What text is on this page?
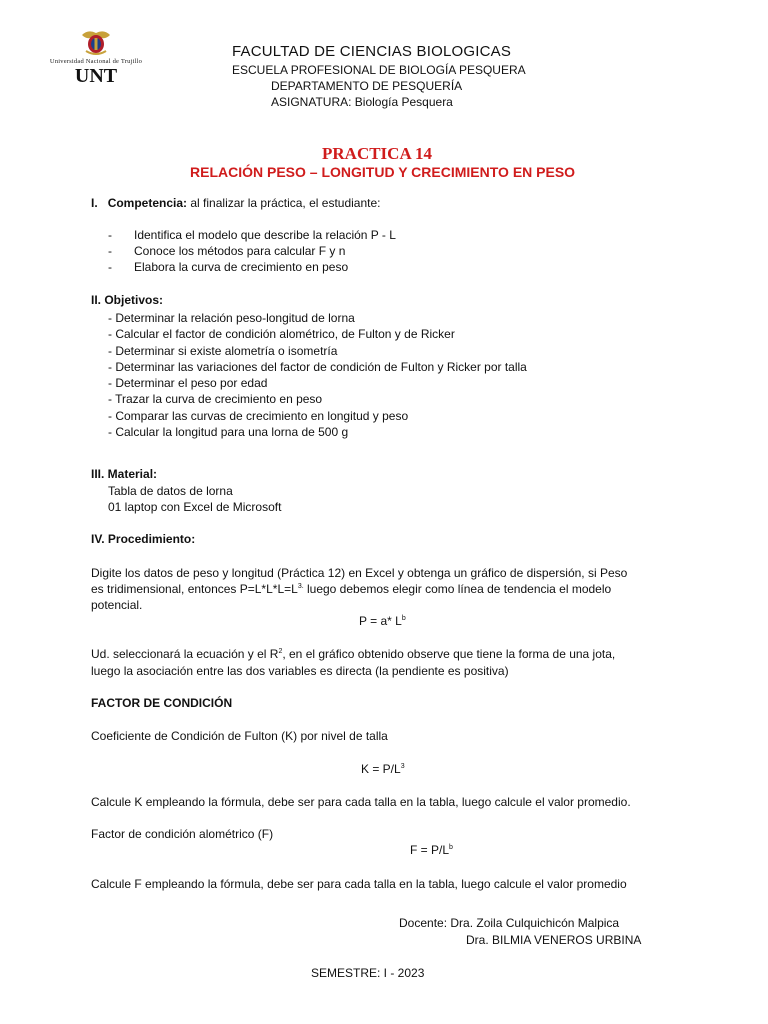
Universidad Nacional de Trujillo
UNT
FACULTAD DE CIENCIAS BIOLOGICAS
ESCUELA PROFESIONAL DE BIOLOGÍA PESQUERA
DEPARTAMENTO DE PESQUERÍA
ASIGNATURA: Biología Pesquera
PRACTICA 14
RELACIÓN PESO – LONGITUD Y CRECIMIENTO EN PESO
I. Competencia: al finalizar la práctica, el estudiante:
- Identifica el modelo que describe la relación P - L
- Conoce los métodos para calcular F y n
- Elabora la curva de crecimiento en peso
II. Objetivos:
- Determinar la relación peso-longitud de lorna
- Calcular el factor de condición alométrico, de Fulton y de Ricker
- Determinar si existe alometría o isometría
- Determinar las variaciones del factor de condición de Fulton y Ricker por talla
- Determinar el peso por edad
- Trazar la curva de crecimiento en peso
- Comparar las curvas de crecimiento en longitud y peso
- Calcular la longitud para una lorna de 500 g
III. Material:
Tabla de datos de lorna
01 laptop con Excel de Microsoft
IV. Procedimiento:
Digite los datos de peso y longitud (Práctica 12) en Excel y obtenga un gráfico de dispersión, si Peso
es tridimensional, entonces $P=L*L*L=L^{3.}$ luego debemos elegir como línea de tendencia el modelo
potencial.
P = a* $L^b$
Ud. seleccionará la ecuación y el $R^2$, en el gráfico obtenido observe que tiene la forma de una jota,
luego la asociación entre las dos variables es directa (la pendiente es positiva)
FACTOR DE CONDICIÓN
Coeficiente de Condición de Fulton (K) por nivel de talla
$K = P/L^3$
Calcule K empleando la fórmula, debe ser para cada talla en la tabla, luego calcule el valor promedio.
Factor de condición alométrico (F)
$F = P/L^b$
Calcule F empleando la fórmula, debe ser para cada talla en la tabla, luego calcule el valor promedio
Docente: Dra. Zoila Culquichicón Malpica
Dra. BILMIA VENEROS URBINA
SEMESTRE: I - 2023
